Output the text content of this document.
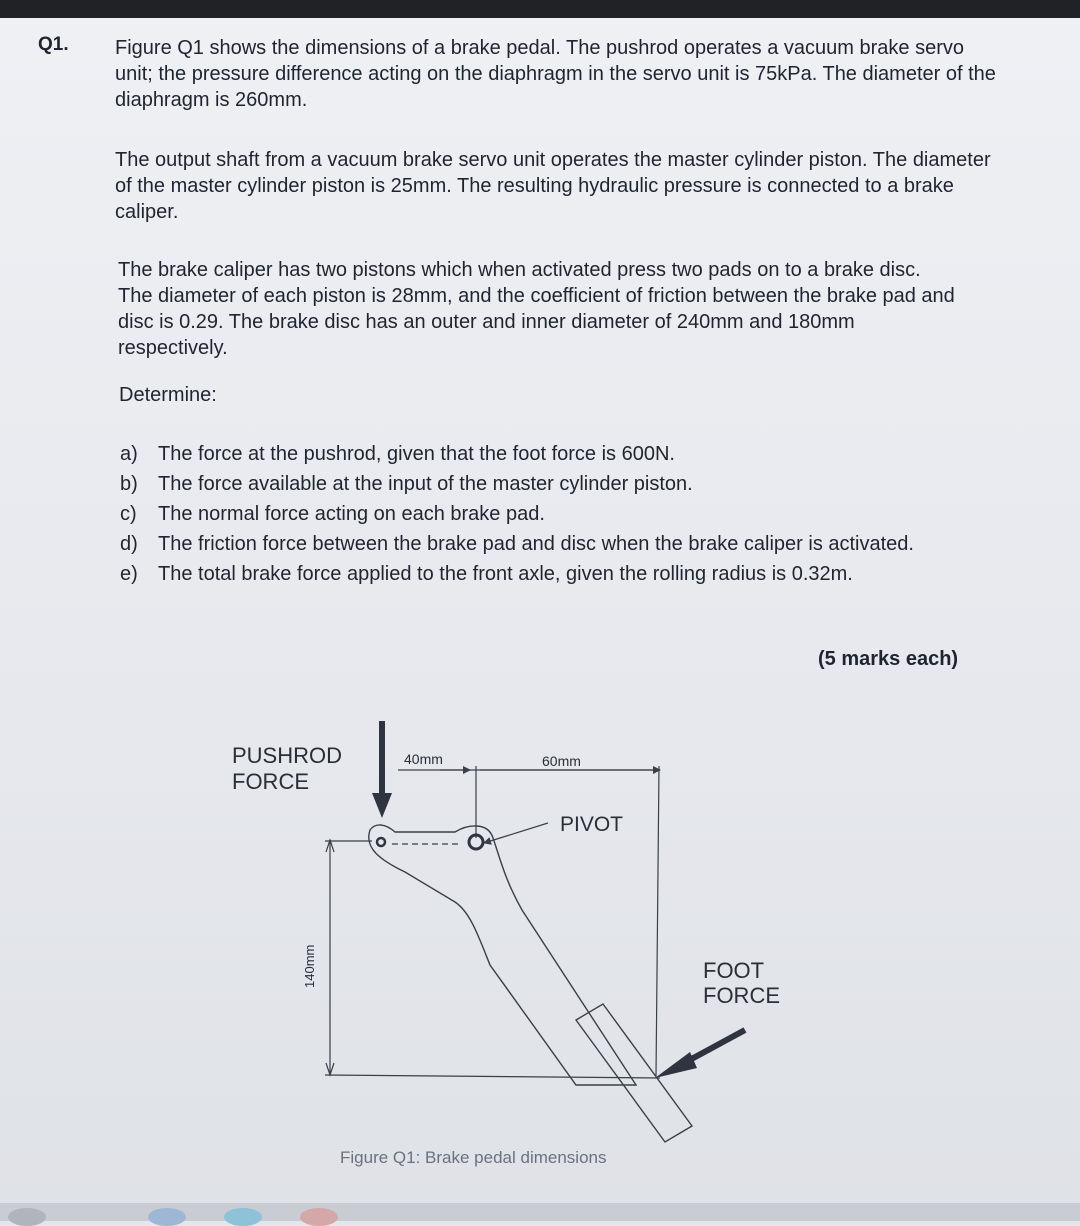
Q1. Figure Q1 shows the dimensions of a brake pedal. The pushrod operates a vacuum brake servo unit; the pressure difference acting on the diaphragm in the servo unit is 75kPa. The diameter of the diaphragm is 260mm.

The output shaft from a vacuum brake servo unit operates the master cylinder piston. The diameter of the master cylinder piston is 25mm. The resulting hydraulic pressure is connected to a brake caliper.

The brake caliper has two pistons which when activated press two pads on to a brake disc. The diameter of each piston is 28mm, and the coefficient of friction between the brake pad and disc is 0.29. The brake disc has an outer and inner diameter of 240mm and 180mm respectively.

Determine:
a) The force at the pushrod, given that the foot force is 600N.
b) The force available at the input of the master cylinder piston.
c) The normal force acting on each brake pad.
d) The friction force between the brake pad and disc when the brake caliper is activated.
e) The total brake force applied to the front axle, given the rolling radius is 0.32m.
(5 marks each)
PUSHROD
FORCE
40mm	60mm
PIVOT
140mm	FOOT
FORCE
Figure Q1: Brake pedal dimensions
